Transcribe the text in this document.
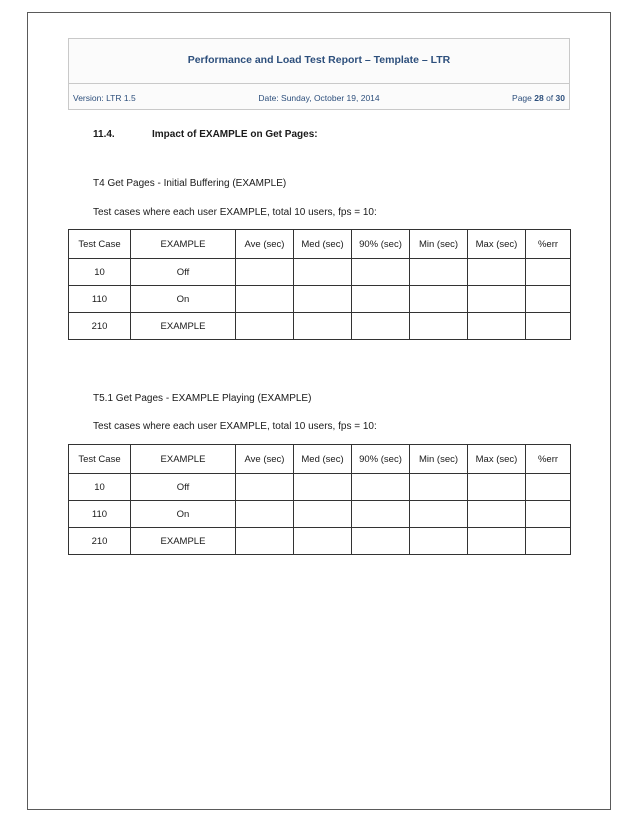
Performance and Load Test Report – Template – LTR
Version: LTR 1.5	Date: Sunday, October 19, 2014	Page 28 of 30
11.4.	Impact of EXAMPLE on Get Pages:
T4 Get Pages - Initial Buffering (EXAMPLE)
Test cases where each user EXAMPLE, total 10 users, fps = 10:
Test Case	EXAMPLE	Ave (sec)	Med (sec)	90% (sec)	Min (sec)	Max (sec)	%err
10	Off						
110	On						
210	EXAMPLE						
T5.1 Get Pages - EXAMPLE Playing (EXAMPLE)
Test cases where each user EXAMPLE, total 10 users, fps = 10:
Test Case	EXAMPLE	Ave (sec)	Med (sec)	90% (sec)	Min (sec)	Max (sec)	%err
10	Off						
110	On						
210	EXAMPLE						
